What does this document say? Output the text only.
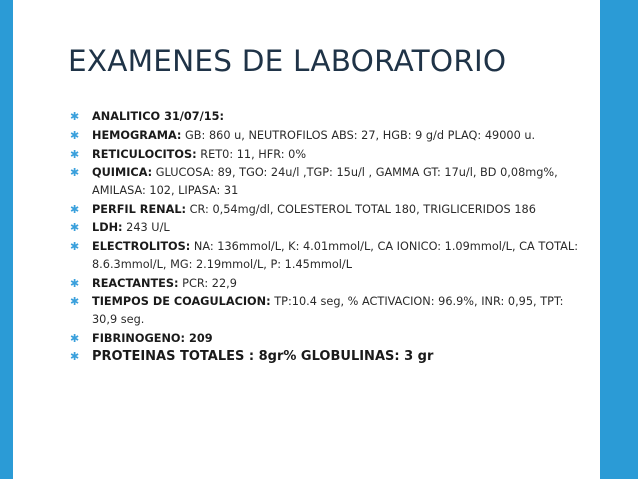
EXAMENES DE LABORATORIO
✱ ANALITICO 31/07/15:
✱ HEMOGRAMA: GB: 860 u, NEUTROFILOS ABS: 27, HGB: 9 g/d PLAQ: 49000 u.
✱ RETICULOCITOS: RET0: 11, HFR: 0%
✱ QUIMICA: GLUCOSA: 89, TGO: 24u/l ,TGP: 15u/l , GAMMA GT: 17u/l, BD 0,08mg%, AMILASA: 102, LIPASA: 31
✱ PERFIL RENAL: CR: 0,54mg/dl, COLESTEROL TOTAL 180, TRIGLICERIDOS 186
✱ LDH: 243 U/L
✱ ELECTROLITOS: NA: 136mmol/L, K: 4.01mmol/L, CA IONICO: 1.09mmol/L, CA TOTAL: 8.6.3mmol/L, MG: 2.19mmol/L, P: 1.45mmol/L
✱ REACTANTES: PCR: 22,9
✱ TIEMPOS DE COAGULACION: TP:10.4 seg, % ACTIVACION: 96.9%, INR: 0,95, TPT: 30,9 seg.
✱ FIBRINOGENO: 209
✱ PROTEINAS TOTALES : 8gr% GLOBULINAS: 3 gr
